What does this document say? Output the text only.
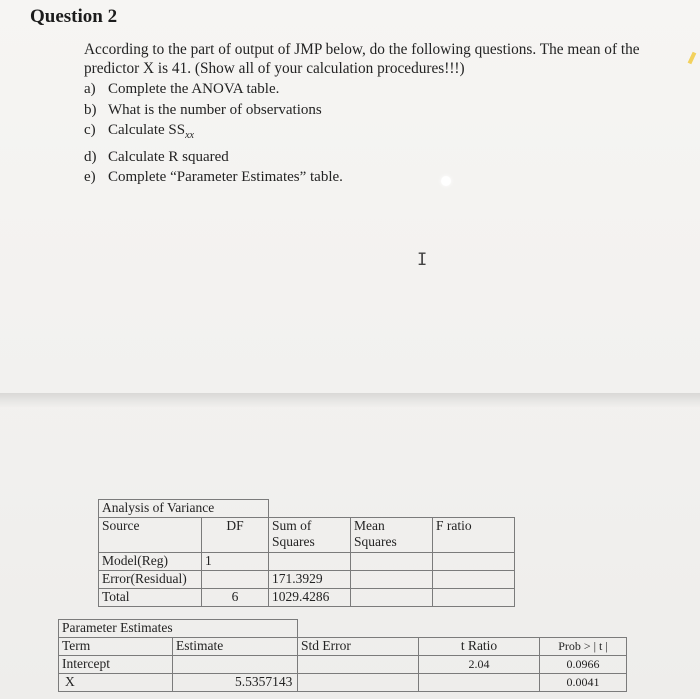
Question 2

According to the part of output of JMP below, do the following questions. The mean of the predictor X is 41. (Show all of your calculation procedures!!!)

a) Complete the ANOVA table.
b) What is the number of observations
c) Calculate $SS_{xx}$
d) Calculate R squared
e) Complete “Parameter Estimates” table.
I
Analysis of Variance				
Source	DF	Sum of Squares	Mean Squares	F ratio
Model(Reg)	1			
Error(Residual)		171.3929		
Total	6	1029.4286		
Parameter Estimates				
Term	Estimate	Std Error	t Ratio	Prob > | t |
Intercept			2.04	0.0966
X	5.5357143			0.0041
